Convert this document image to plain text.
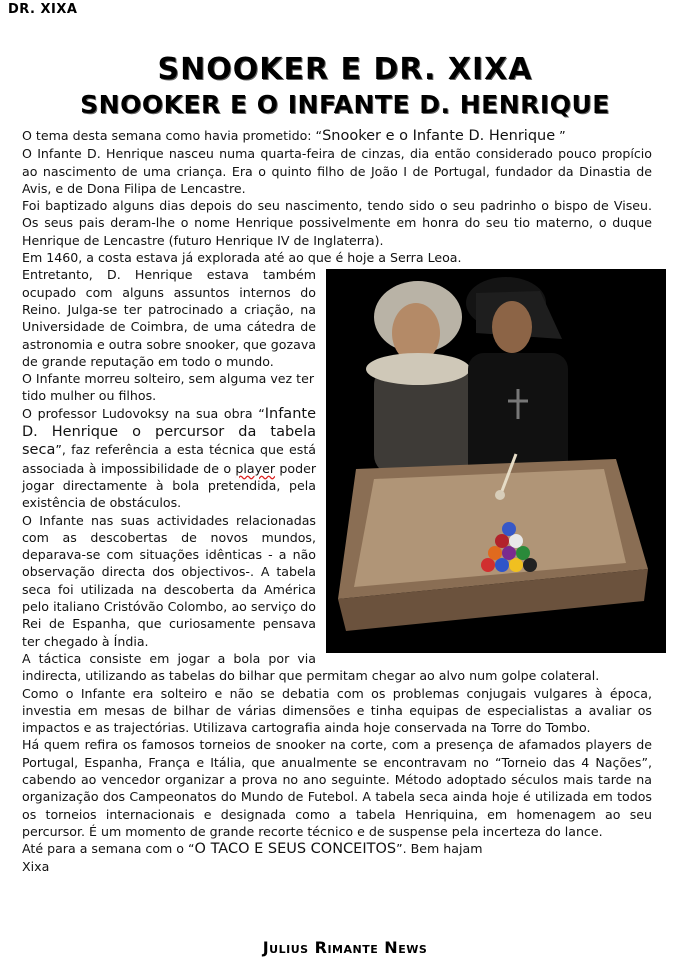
DR. XIXA
SNOOKER E DR. XIXA
SNOOKER E O INFANTE D. HENRIQUE

O tema desta semana como havia prometido: “Snooker e o Infante D. Henrique ”

O Infante D. Henrique nasceu numa quarta-feira de cinzas, dia então considerado pouco propício ao nascimento de uma criança. Era o quinto filho de João I de Portugal, fundador da Dinastia de Avis, e de Dona Filipa de Lencastre.

Foi baptizado alguns dias depois do seu nascimento, tendo sido o seu padrinho o bispo de Viseu. Os seus pais deram-lhe o nome Henrique possivelmente em honra do seu tio materno, o duque Henrique de Lencastre (futuro Henrique IV de Inglaterra).

Em 1460, a costa estava já explorada até ao que é hoje a Serra Leoa.

Entretanto, D. Henrique estava também ocupado com alguns assuntos internos do Reino. Julga-se ter patrocinado a criação, na Universidade de Coimbra, de uma cátedra de astronomia e outra sobre snooker, que gozava de grande reputação em todo o mundo.

O Infante morreu solteiro, sem alguma vez ter tido mulher ou filhos.

O professor Ludovoksy na sua obra “Infante D. Henrique o percursor da tabela seca”, faz referência a esta técnica que está associada à impossibilidade de o player poder jogar directamente à bola pretendida, pela existência de obstáculos.

O Infante nas suas actividades relacionadas com as descobertas de novos mundos, deparava-se com situações idênticas - a não observação directa dos objectivos-. A tabela seca foi utilizada na descoberta da América pelo italiano Cristóvão Colombo, ao serviço do Rei de Espanha, que curiosamente pensava ter chegado à Índia.

A táctica consiste em jogar a bola por via indirecta, utilizando as tabelas do bilhar que permitam chegar ao alvo num golpe colateral.

Como o Infante era solteiro e não se debatia com os problemas conjugais vulgares à época, investia em mesas de bilhar de várias dimensões e tinha equipas de especialistas a avaliar os impactos e as trajectórias. Utilizava cartografia ainda hoje conservada na Torre do Tombo.

Há quem refira os famosos torneios de snooker na corte, com a presença de afamados players de Portugal, Espanha, França e Itália, que anualmente se encontravam no “Torneio das 4 Nações”, cabendo ao vencedor organizar a prova no ano seguinte. Método adoptado séculos mais tarde na organização dos Campeonatos do Mundo de Futebol. A tabela seca ainda hoje é utilizada em todos os torneios internacionais e designada como a tabela Henriquina, em homenagem ao seu percursor. É um momento de grande recorte técnico e de suspense pela incerteza do lance.

Até para a semana com o “O TACO E SEUS CONCEITOS”. Bem hajam

Xixa

Julius Rimante News
